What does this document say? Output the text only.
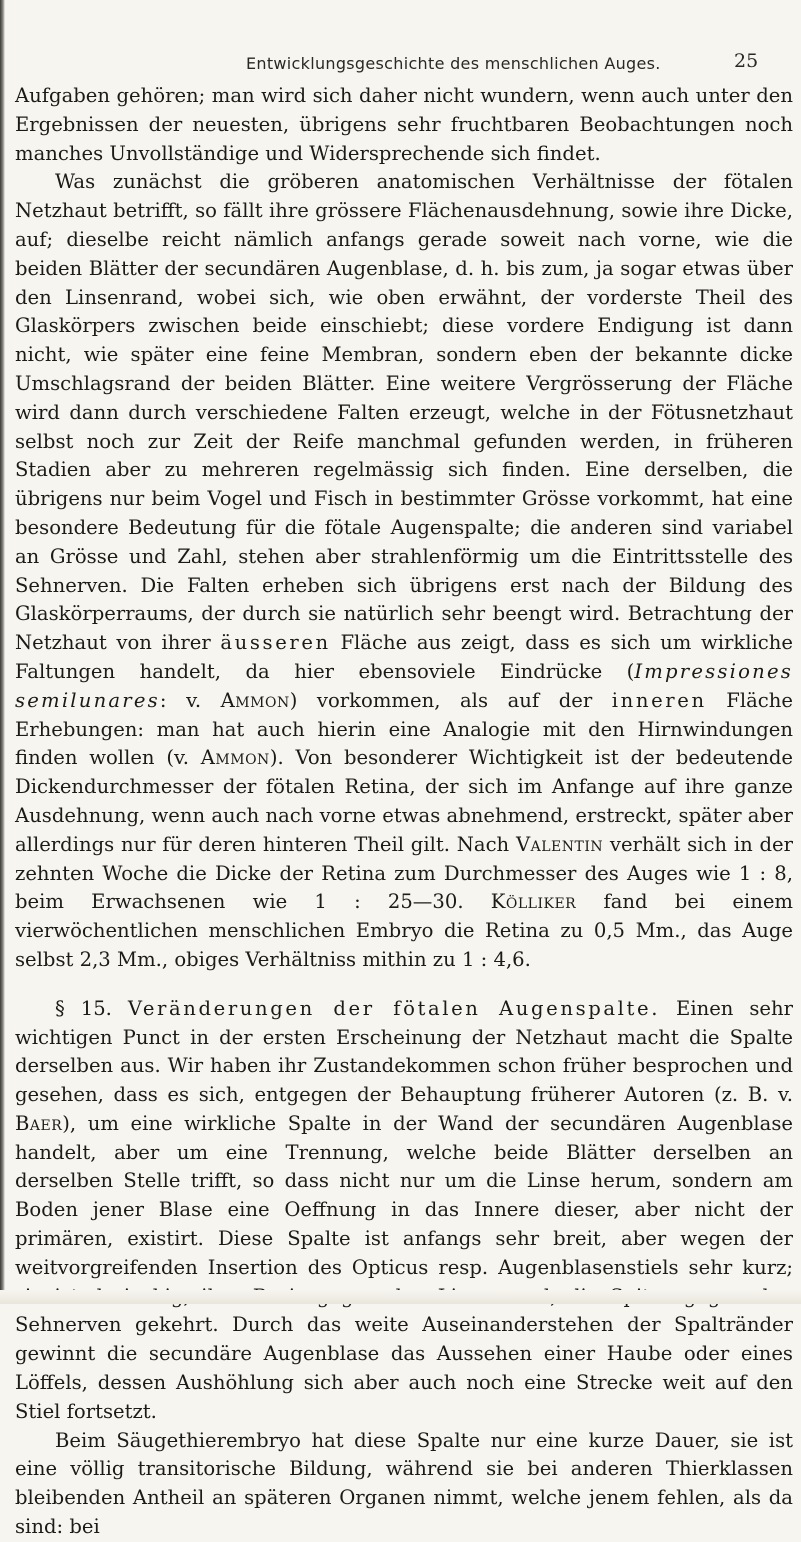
Entwicklungsgeschichte des menschlichen Auges.	25

Aufgaben gehören; man wird sich daher nicht wundern, wenn auch unter den Ergebnissen der neuesten, übrigens sehr fruchtbaren Beobachtungen noch manches Unvollständige und Widersprechende sich findet.

Was zunächst die gröberen anatomischen Verhältnisse der fötalen Netzhaut betrifft, so fällt ihre grössere Flächenausdehnung, sowie ihre Dicke, auf; dieselbe reicht nämlich anfangs gerade soweit nach vorne, wie die beiden Blätter der secundären Augenblase, d. h. bis zum, ja sogar etwas über den Linsenrand, wobei sich, wie oben erwähnt, der vorderste Theil des Glaskörpers zwischen beide einschiebt; diese vordere Endigung ist dann nicht, wie später eine feine Membran, sondern eben der bekannte dicke Umschlagsrand der beiden Blätter. Eine weitere Vergrösserung der Fläche wird dann durch verschiedene Falten erzeugt, welche in der Fötusnetzhaut selbst noch zur Zeit der Reife manchmal gefunden werden, in früheren Stadien aber zu mehreren regelmässig sich finden. Eine derselben, die übrigens nur beim Vogel und Fisch in bestimmter Grösse vorkommt, hat eine besondere Bedeutung für die fötale Augenspalte; die anderen sind variabel an Grösse und Zahl, stehen aber strahlenförmig um die Eintrittsstelle des Sehnerven. Die Falten erheben sich übrigens erst nach der Bildung des Glaskörperraums, der durch sie natürlich sehr beengt wird. Betrachtung der Netzhaut von ihrer äusseren Fläche aus zeigt, dass es sich um wirkliche Faltungen handelt, da hier ebensoviele Eindrücke (Impressiones semilunares: v. Ammon) vorkommen, als auf der inneren Fläche Erhebungen: man hat auch hierin eine Analogie mit den Hirnwindungen finden wollen (v. Ammon). Von besonderer Wichtigkeit ist der bedeutende Dickendurchmesser der fötalen Retina, der sich im Anfange auf ihre ganze Ausdehnung, wenn auch nach vorne etwas abnehmend, erstreckt, später aber allerdings nur für deren hinteren Theil gilt. Nach Valentin verhält sich in der zehnten Woche die Dicke der Retina zum Durchmesser des Auges wie 1 : 8, beim Erwachsenen wie 1 : 25—30. Kölliker fand bei einem vierwöchentlichen menschlichen Embryo die Retina zu 0,5 Mm., das Auge selbst 2,3 Mm., obiges Verhältniss mithin zu 1 : 4,6.

§ 15. Veränderungen der fötalen Augenspalte. Einen sehr wichtigen Punct in der ersten Erscheinung der Netzhaut macht die Spalte derselben aus. Wir haben ihr Zustandekommen schon früher besprochen und gesehen, dass es sich, entgegen der Behauptung früherer Autoren (z. B. v. Baer), um eine wirkliche Spalte in der Wand der secundären Augenblase handelt, aber um eine Trennung, welche beide Blätter derselben an derselben Stelle trifft, so dass nicht nur um die Linse herum, sondern am Boden jener Blase eine Oeffnung in das Innere dieser, aber nicht der primären, existirt. Diese Spalte ist anfangs sehr breit, aber wegen der weitvorgreifenden Insertion des Opticus resp. Augenblasenstiels sehr kurz; Sehnerven gekehrt. Durch das weite Auseinanderstehen der Spaltränder gewinnt die secundäre Augenblase das Aussehen einer Haube oder eines Löffels, dessen Aushöhlung sich aber auch noch eine Strecke weit auf den Stiel fortsetzt.

Beim Säugethierembryo hat diese Spalte nur eine kurze Dauer, sie ist eine völlig transitorische Bildung, während sie bei anderen Thierklassen bleibenden Antheil an späteren Organen nimmt, welche jenem fehlen, als da sind: bei
